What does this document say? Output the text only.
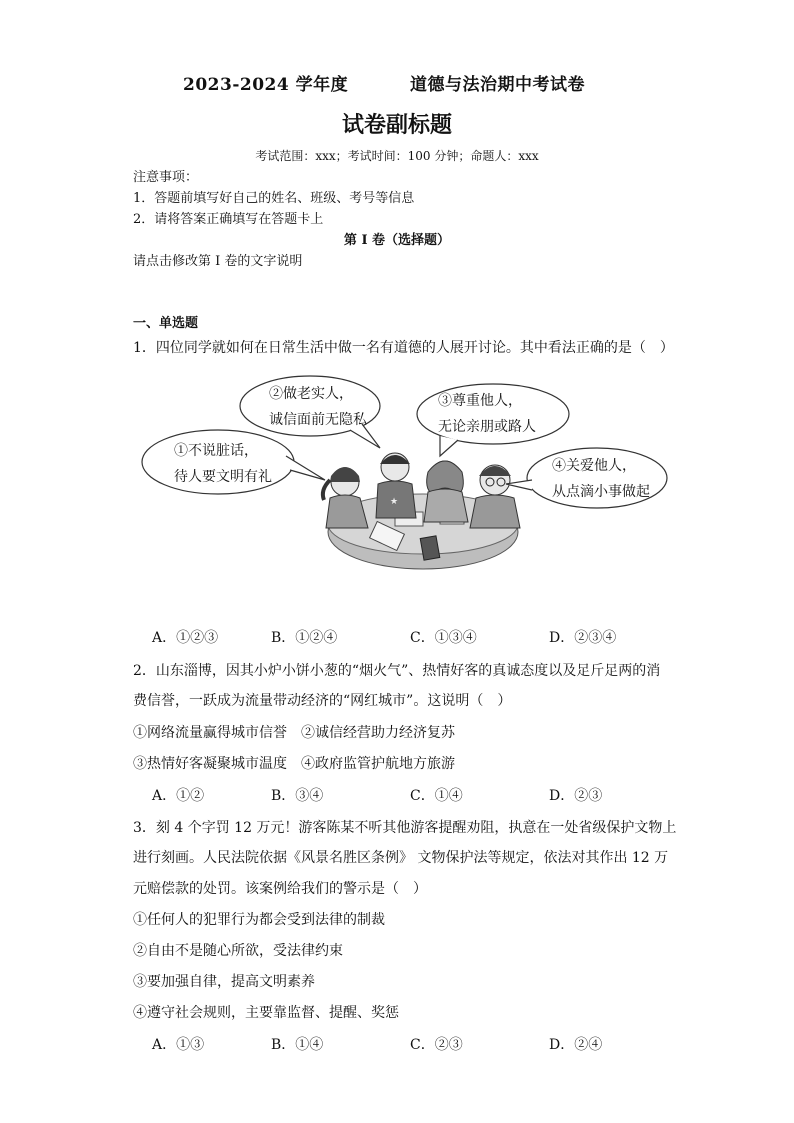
2023-2024 学年度	道德与法治期中考试卷
试卷副标题
考试范围：xxx；考试时间：100 分钟；命题人：xxx
注意事项：
1．答题前填写好自己的姓名、班级、考号等信息
2．请将答案正确填写在答题卡上
第 I 卷（选择题）
请点击修改第 I 卷的文字说明
一、单选题
1．四位同学就如何在日常生活中做一名有道德的人展开讨论。其中看法正确的是（　）
★
①不说脏话，
待人要文明有礼
②做老实人，
诚信面前无隐私
③尊重他人，
无论亲朋或路人
④关爱他人，
从点滴小事做起
A．①②③	B．①②④	C．①③④	D．②③④
2．山东淄博，因其小炉小饼小葱的“烟火气”、热情好客的真诚态度以及足斤足两的消
费信誉，一跃成为流量带动经济的“网红城市”。这说明（　）
①网络流量赢得城市信誉　②诚信经营助力经济复苏
③热情好客凝聚城市温度　④政府监管护航地方旅游
A．①②	B．③④	C．①④	D．②③
3．刻 4 个字罚 12 万元！游客陈某不听其他游客提醒劝阻，执意在一处省级保护文物上
进行刻画。人民法院依据《风景名胜区条例》 文物保护法等规定，依法对其作出 12 万
元赔偿款的处罚。该案例给我们的警示是（　）
①任何人的犯罪行为都会受到法律的制裁
②自由不是随心所欲，受法律约束
③要加强自律，提高文明素养
④遵守社会规则，主要靠监督、提醒、奖惩
A．①③	B．①④	C．②③	D．②④
